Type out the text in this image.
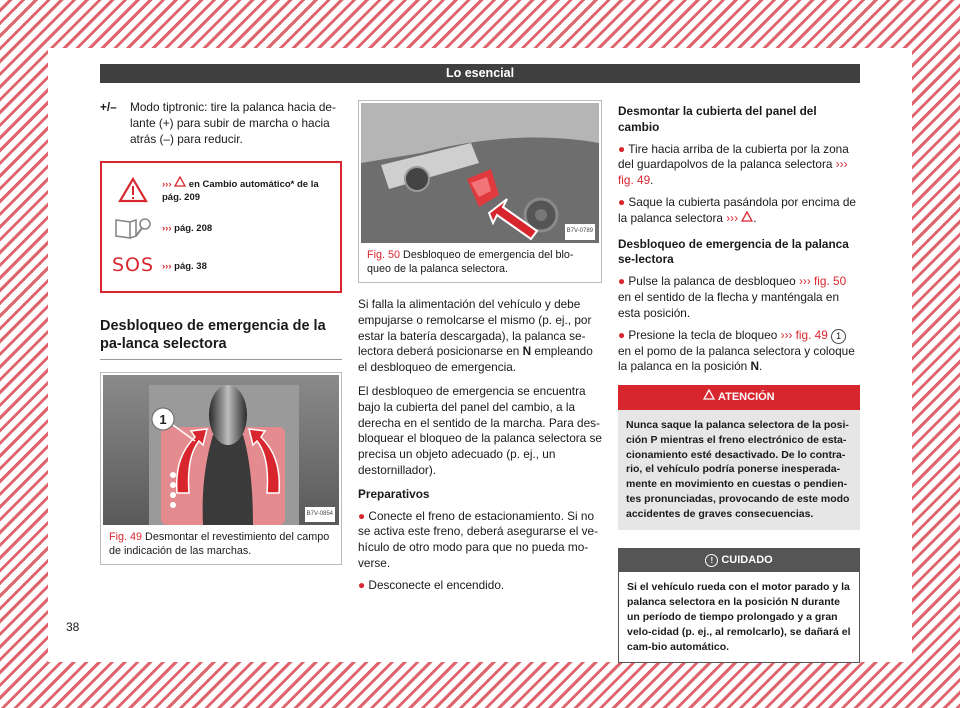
Lo esencial
+/–	Modo tiptronic: tire la palanca hacia de-lante (+) para subir de marcha o hacia atrás (–) para reducir.
››› en Cambio automático* de la pág. 209
››› pág. 208
SOS ››› pág. 38
Desbloqueo de emergencia de la pa-lanca selectora
1
B7V-0854
Fig. 49 Desmontar el revestimiento del campo de indicación de las marchas.
B7V-0789
Fig. 50 Desbloqueo de emergencia del blo-queo de la palanca selectora.

Si falla la alimentación del vehículo y debe empujarse o remolcarse el mismo (p. ej., por estar la batería descargada), la palanca se-lectora deberá posicionarse en N empleando el desbloqueo de emergencia.

El desbloqueo de emergencia se encuentra bajo la cubierta del panel del cambio, a la derecha en el sentido de la marcha. Para des-bloquear el bloqueo de la palanca selectora se precisa un objeto adecuado (p. ej., un destornillador).

Preparativos
● Conecte el freno de estacionamiento. Si no se activa este freno, deberá asegurarse el ve-hículo de otro modo para que no pueda mo-verse.
● Desconecte el encendido.
Desmontar la cubierta del panel del cambio
● Tire hacia arriba de la cubierta por la zona del guardapolvos de la palanca selectora ››› fig. 49.
● Saque la cubierta pasándola por encima de la palanca selectora ››› .
Desbloqueo de emergencia de la palanca se-lectora
● Pulse la palanca de desbloqueo ››› fig. 50 en el sentido de la flecha y manténgala en esta posición.
● Presione la tecla de bloqueo ››› fig. 49 1 en el pomo de la palanca selectora y coloque la palanca en la posición N.
ATENCIÓN
Nunca saque la palanca selectora de la posi-ción P mientras el freno electrónico de esta-cionamiento esté desactivado. De lo contra-rio, el vehículo podría ponerse inesperada-mente en movimiento en cuestas o pendien-tes pronunciadas, provocando de este modo accidentes de graves consecuencias.
! CUIDADO
Si el vehículo rueda con el motor parado y la palanca selectora en la posición N durante un período de tiempo prolongado y a gran velo-cidad (p. ej., al remolcarlo), se dañará el cam-bio automático.
38
